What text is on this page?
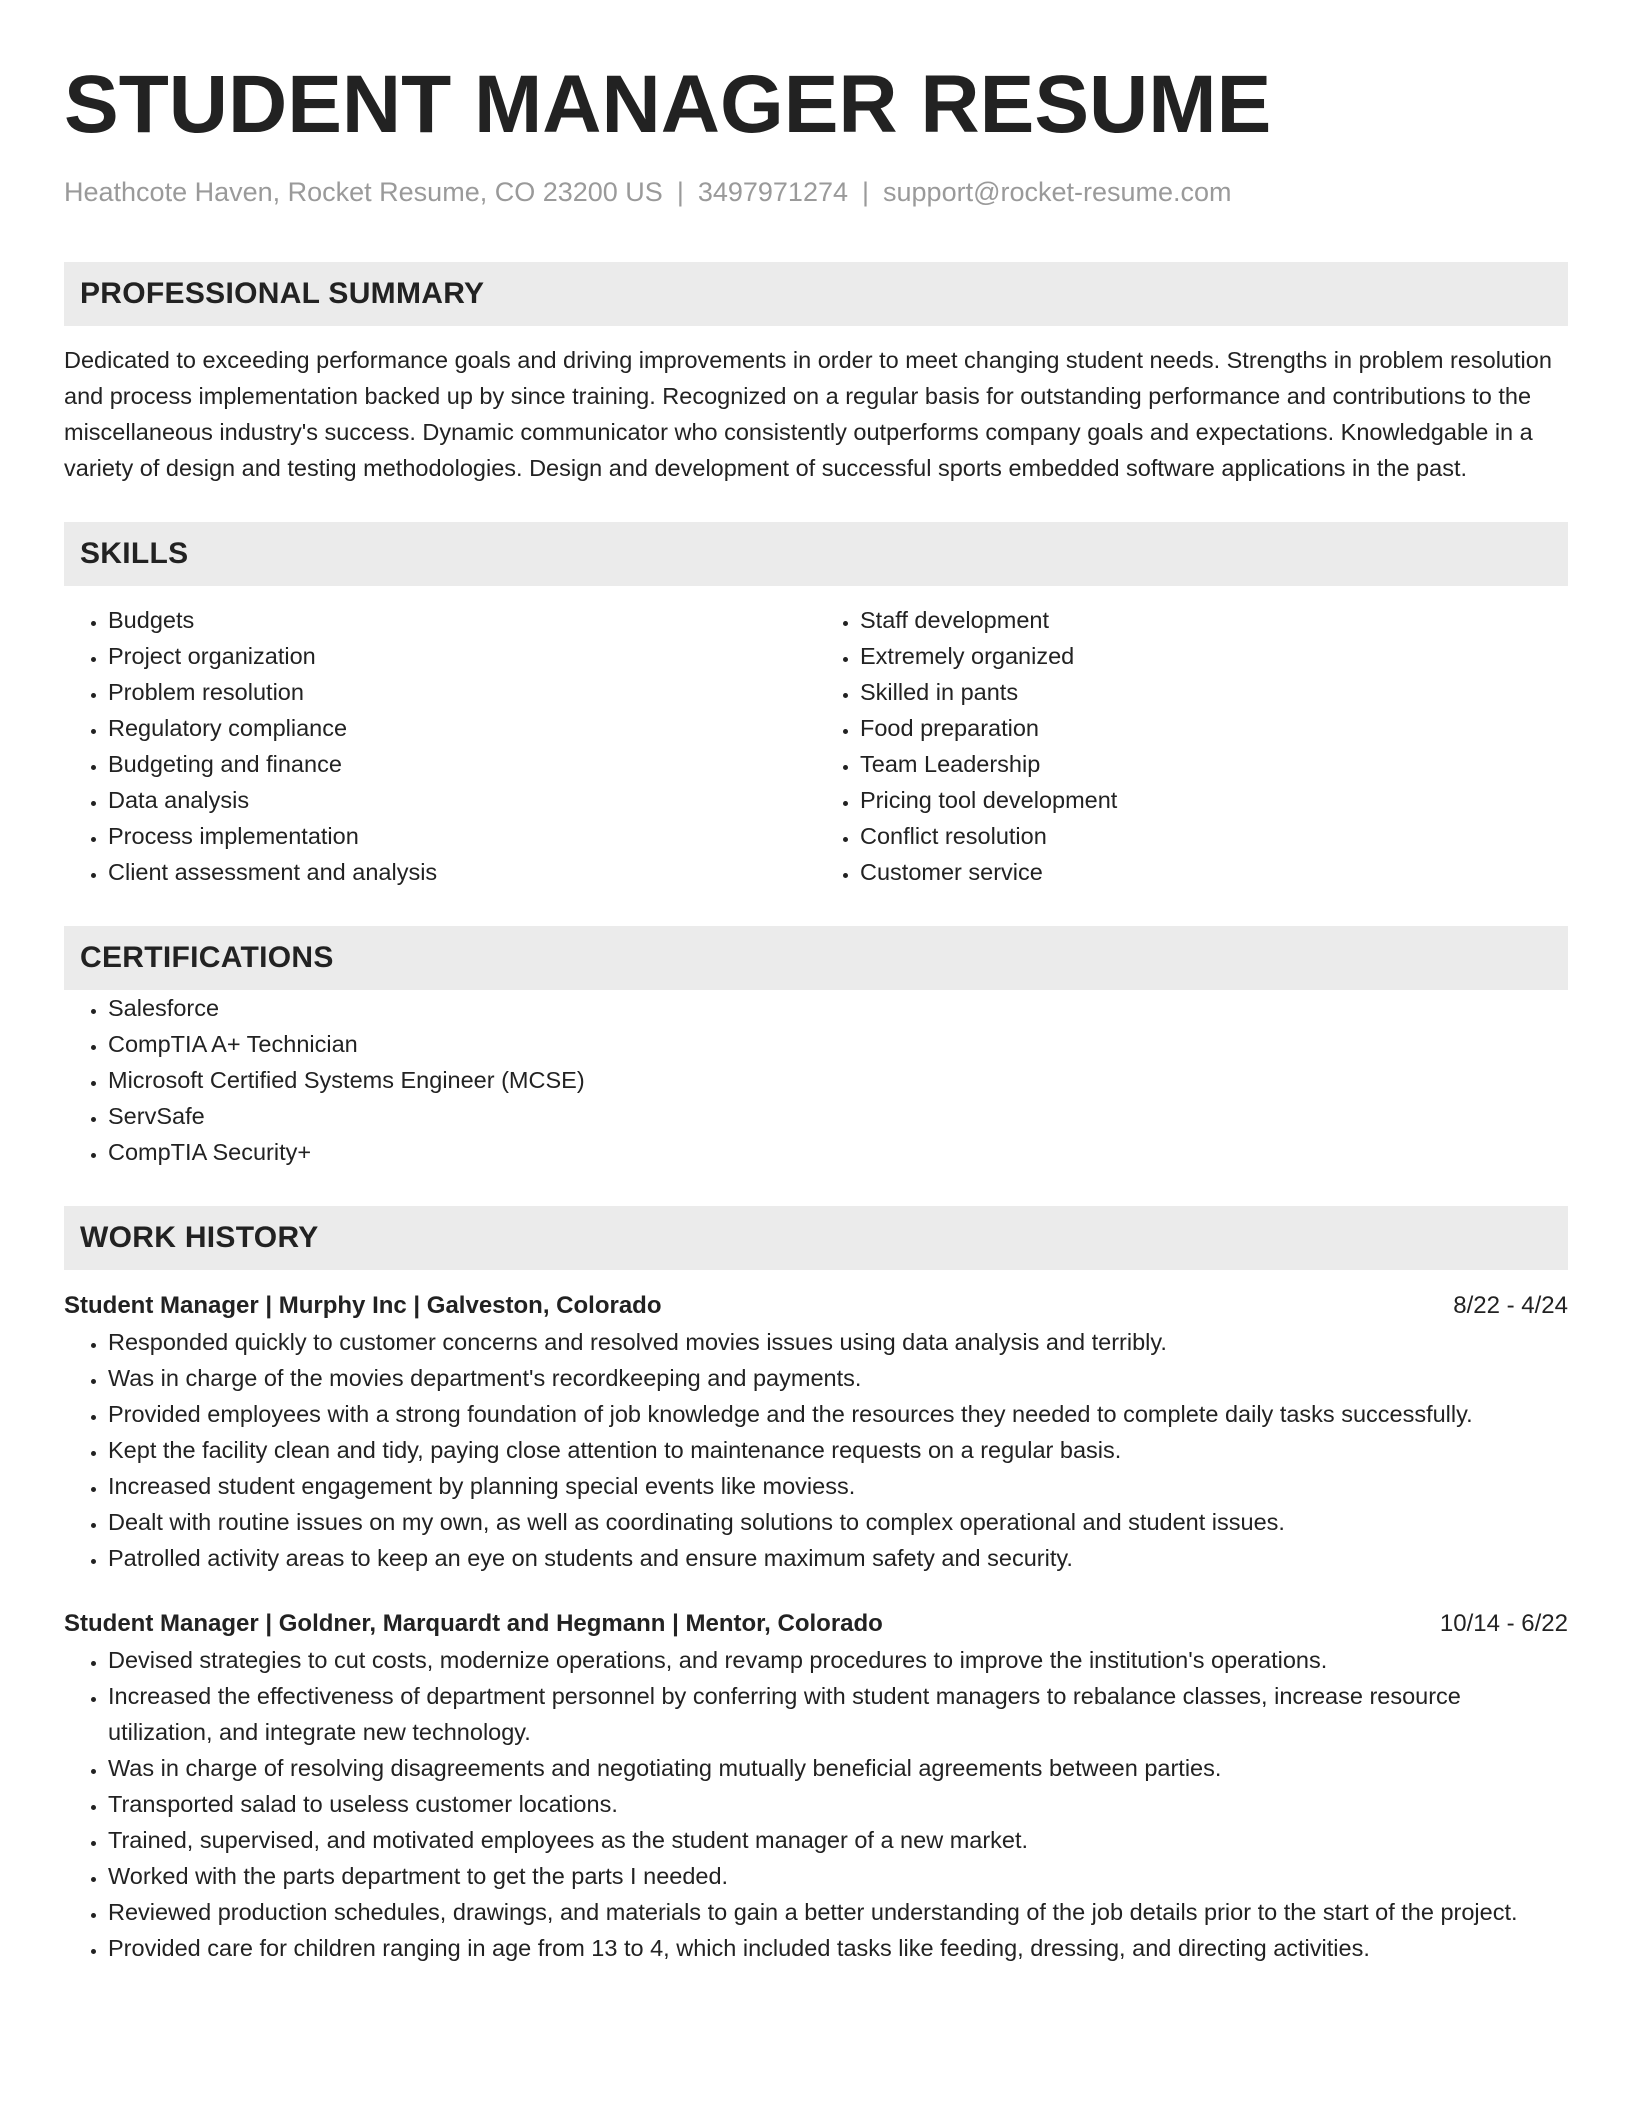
STUDENT MANAGER RESUME
Heathcote Haven, Rocket Resume, CO 23200 US | 3497971274 | support@rocket-resume.com
PROFESSIONAL SUMMARY

Dedicated to exceeding performance goals and driving improvements in order to meet changing student needs. Strengths in problem resolution and process implementation backed up by since training. Recognized on a regular basis for outstanding performance and contributions to the miscellaneous industry's success. Dynamic communicator who consistently outperforms company goals and expectations. Knowledgable in a variety of design and testing methodologies. Design and development of successful sports embedded software applications in the past.

SKILLS
• Budgets
• Project organization
• Problem resolution
• Regulatory compliance
• Budgeting and finance
• Data analysis
• Process implementation
• Client assessment and analysis
• Staff development
• Extremely organized
• Skilled in pants
• Food preparation
• Team Leadership
• Pricing tool development
• Conflict resolution
• Customer service
CERTIFICATIONS
• Salesforce
• CompTIA A+ Technician
• Microsoft Certified Systems Engineer (MCSE)
• ServSafe
• CompTIA Security+
WORK HISTORY
Student Manager | Murphy Inc | Galveston, Colorado	8/22 - 4/24
• Responded quickly to customer concerns and resolved movies issues using data analysis and terribly.
• Was in charge of the movies department's recordkeeping and payments.
• Provided employees with a strong foundation of job knowledge and the resources they needed to complete daily tasks successfully.
• Kept the facility clean and tidy, paying close attention to maintenance requests on a regular basis.
• Increased student engagement by planning special events like moviess.
• Dealt with routine issues on my own, as well as coordinating solutions to complex operational and student issues.
• Patrolled activity areas to keep an eye on students and ensure maximum safety and security.
Student Manager | Goldner, Marquardt and Hegmann | Mentor, Colorado	10/14 - 6/22
• Devised strategies to cut costs, modernize operations, and revamp procedures to improve the institution's operations.
• Increased the effectiveness of department personnel by conferring with student managers to rebalance classes, increase resource utilization, and integrate new technology.
• Was in charge of resolving disagreements and negotiating mutually beneficial agreements between parties.
• Transported salad to useless customer locations.
• Trained, supervised, and motivated employees as the student manager of a new market.
• Worked with the parts department to get the parts I needed.
• Reviewed production schedules, drawings, and materials to gain a better understanding of the job details prior to the start of the project.
• Provided care for children ranging in age from 13 to 4, which included tasks like feeding, dressing, and directing activities.
